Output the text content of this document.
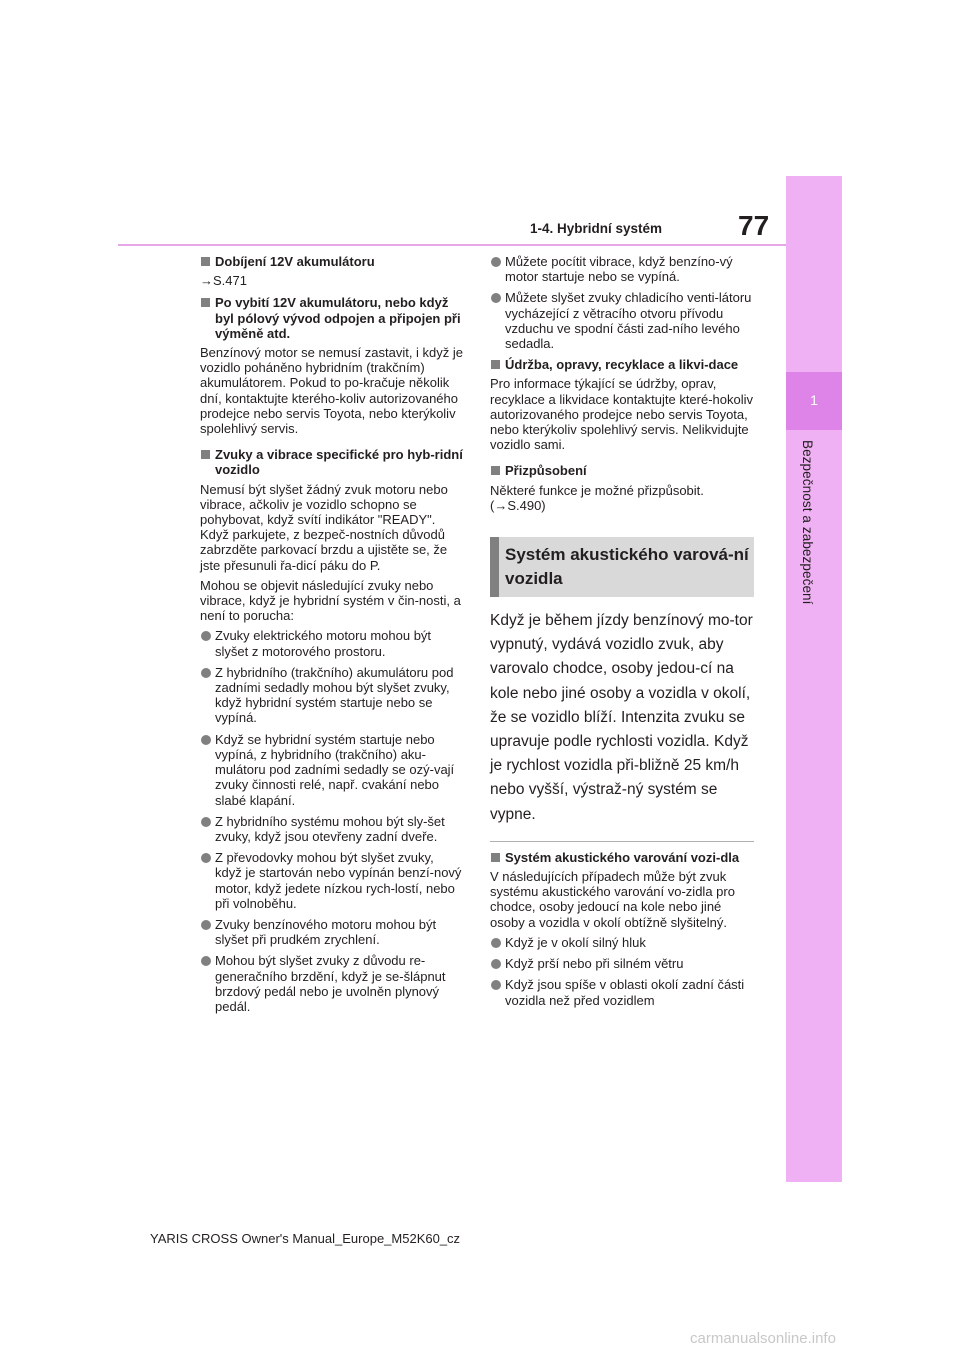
77
1-4. Hybridní systém
1
Bezpečnost a zabezpečení
Dobíjení 12V akumulátoru
→S.471
Po vybití 12V akumulátoru, nebo když byl pólový vývod odpojen a připojen při výměně atd.
Benzínový motor se nemusí zastavit, i když je vozidlo poháněno hybridním (trakčním) akumulátorem. Pokud to po-kračuje několik dní, kontaktujte kterého-koliv autorizovaného prodejce nebo servis Toyota, nebo kterýkoliv spolehlivý servis.
Zvuky a vibrace specifické pro hyb-ridní vozidlo
Nemusí být slyšet žádný zvuk motoru nebo vibrace, ačkoliv je vozidlo schopno se pohybovat, když svítí indikátor "READY". Když parkujete, z bezpeč-nostních důvodů zabrzděte parkovací brzdu a ujistěte se, že jste přesunuli řa-dicí páku do P.
Mohou se objevit následující zvuky nebo vibrace, když je hybridní systém v čin-nosti, a není to porucha:
Zvuky elektrického motoru mohou být slyšet z motorového prostoru.
Z hybridního (trakčního) akumulátoru pod zadními sedadly mohou být slyšet zvuky, když hybridní systém startuje nebo se vypíná.
Když se hybridní systém startuje nebo vypíná, z hybridního (trakčního) aku-mulátoru pod zadními sedadly se ozý-vají zvuky činnosti relé, např. cvakání nebo slabé klapání.
Z hybridního systému mohou být sly-šet zvuky, když jsou otevřeny zadní dveře.
Z převodovky mohou být slyšet zvuky, když je startován nebo vypínán benzí-nový motor, když jedete nízkou rych-lostí, nebo při volnoběhu.
Zvuky benzínového motoru mohou být slyšet při prudkém zrychlení.
Mohou být slyšet zvuky z důvodu re-generačního brzdění, když je se-šlápnut brzdový pedál nebo je uvolněn plynový pedál.
Můžete pocítit vibrace, když benzíno-vý motor startuje nebo se vypíná.
Můžete slyšet zvuky chladicího venti-látoru vycházející z větracího otvoru přívodu vzduchu ve spodní části zad-ního levého sedadla.
Údržba, opravy, recyklace a likvi-dace
Pro informace týkající se údržby, oprav, recyklace a likvidace kontaktujte které-hokoliv autorizovaného prodejce nebo servis Toyota, nebo kterýkoliv spolehlivý servis. Nelikvidujte vozidlo sami.
Přizpůsobení
Některé funkce je možné přizpůsobit. (→S.490)
Systém akustického varová-ní vozidla
Když je během jízdy benzínový mo-tor vypnutý, vydává vozidlo zvuk, aby varovalo chodce, osoby jedou-cí na kole nebo jiné osoby a vozidla v okolí, že se vozidlo blíží. Intenzita zvuku se upravuje podle rychlosti vozidla. Když je rychlost vozidla při-bližně 25 km/h nebo vyšší, výstraž-ný systém se vypne.
Systém akustického varování vozi-dla
V následujících případech může být zvuk systému akustického varování vo-zidla pro chodce, osoby jedoucí na kole nebo jiné osoby a vozidla v okolí obtížně slyšitelný.
Když je v okolí silný hluk
Když prší nebo při silném větru
Když jsou spíše v oblasti okolí zadní části vozidla než před vozidlem
YARIS CROSS Owner's Manual_Europe_M52K60_cz
carmanualsonline.info
